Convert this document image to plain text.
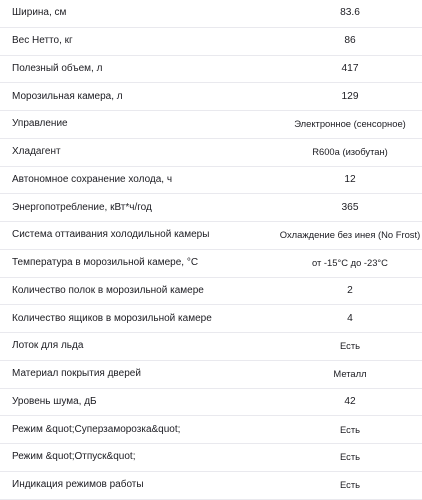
Ширина, см	83.6
Вес Нетто, кг	86
Полезный объем, л	417
Морозильная камера, л	129
Управление	Электронное (сенсорное)
Хладагент	R600a (изобутан)
Автономное сохранение холода, ч	12
Энергопотребление, кВт*ч/год	365
Система оттаивания холодильной камеры	Охлаждение без инея (No Frost)
Температура в морозильной камере, °С	от -15°С до -23°С
Количество полок в морозильной камере	2
Количество ящиков в морозильной камере	4
Лоток для льда	Есть
Материал покрытия дверей	Металл
Уровень шума, дБ	42
Режим &quot;Суперзаморозка&quot;	Есть
Режим &quot;Отпуск&quot;	Есть
Индикация режимов работы	Есть
